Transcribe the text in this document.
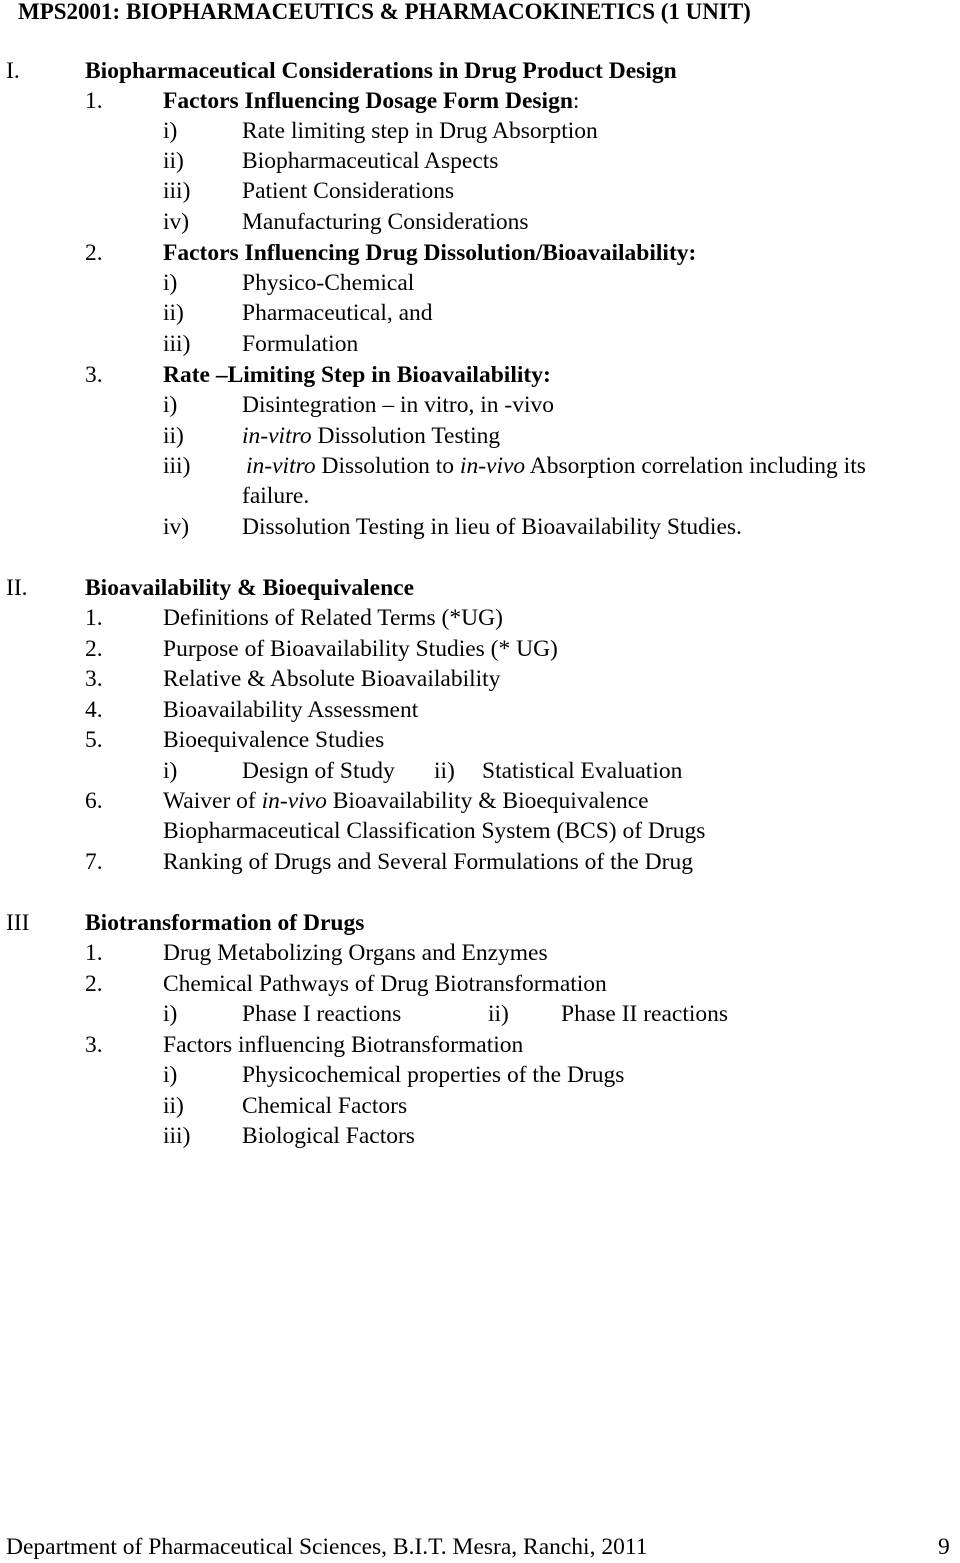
MPS2001: BIOPHARMACEUTICS & PHARMACOKINETICS (1 UNIT)
I.	Biopharmaceutical Considerations in Drug Product Design
1.	Factors Influencing Dosage Form Design:
i)	Rate limiting step in Drug Absorption
ii) Biopharmaceutical Aspects
iii) Patient Considerations
iv) Manufacturing Considerations
2.	Factors Influencing Drug Dissolution/Bioavailability:
i)	Physico-Chemical
ii) Pharmaceutical, and
iii) Formulation
3.	Rate –Limiting Step in Bioavailability:
i)	Disintegration – in vitro, in -vivo
ii) in-vitro Dissolution Testing
iii) in-vitro Dissolution to in-vivo Absorption correlation including its
failure.
iv) Dissolution Testing in lieu of Bioavailability Studies.
II. Bioavailability & Bioequivalence
1.	Definitions of Related Terms (*UG)
2.	Purpose of Bioavailability Studies (* UG)
3.	Relative & Absolute Bioavailability
4.	Bioavailability Assessment
5.	Bioequivalence Studies
i)	Design of Study ii) Statistical Evaluation
6.	Waiver of in-vivo Bioavailability & Bioequivalence
Biopharmaceutical Classification System (BCS) of Drugs
7.	Ranking of Drugs and Several Formulations of the Drug
III Biotransformation of Drugs
1.	Drug Metabolizing Organs and Enzymes
2.	Chemical Pathways of Drug Biotransformation
i)	Phase I reactions	ii) Phase II reactions
3.	Factors influencing Biotransformation
i)	Physicochemical properties of the Drugs
ii) Chemical Factors
iii) Biological Factors
Department of Pharmaceutical Sciences, B.I.T. Mesra, Ranchi, 2011	9
